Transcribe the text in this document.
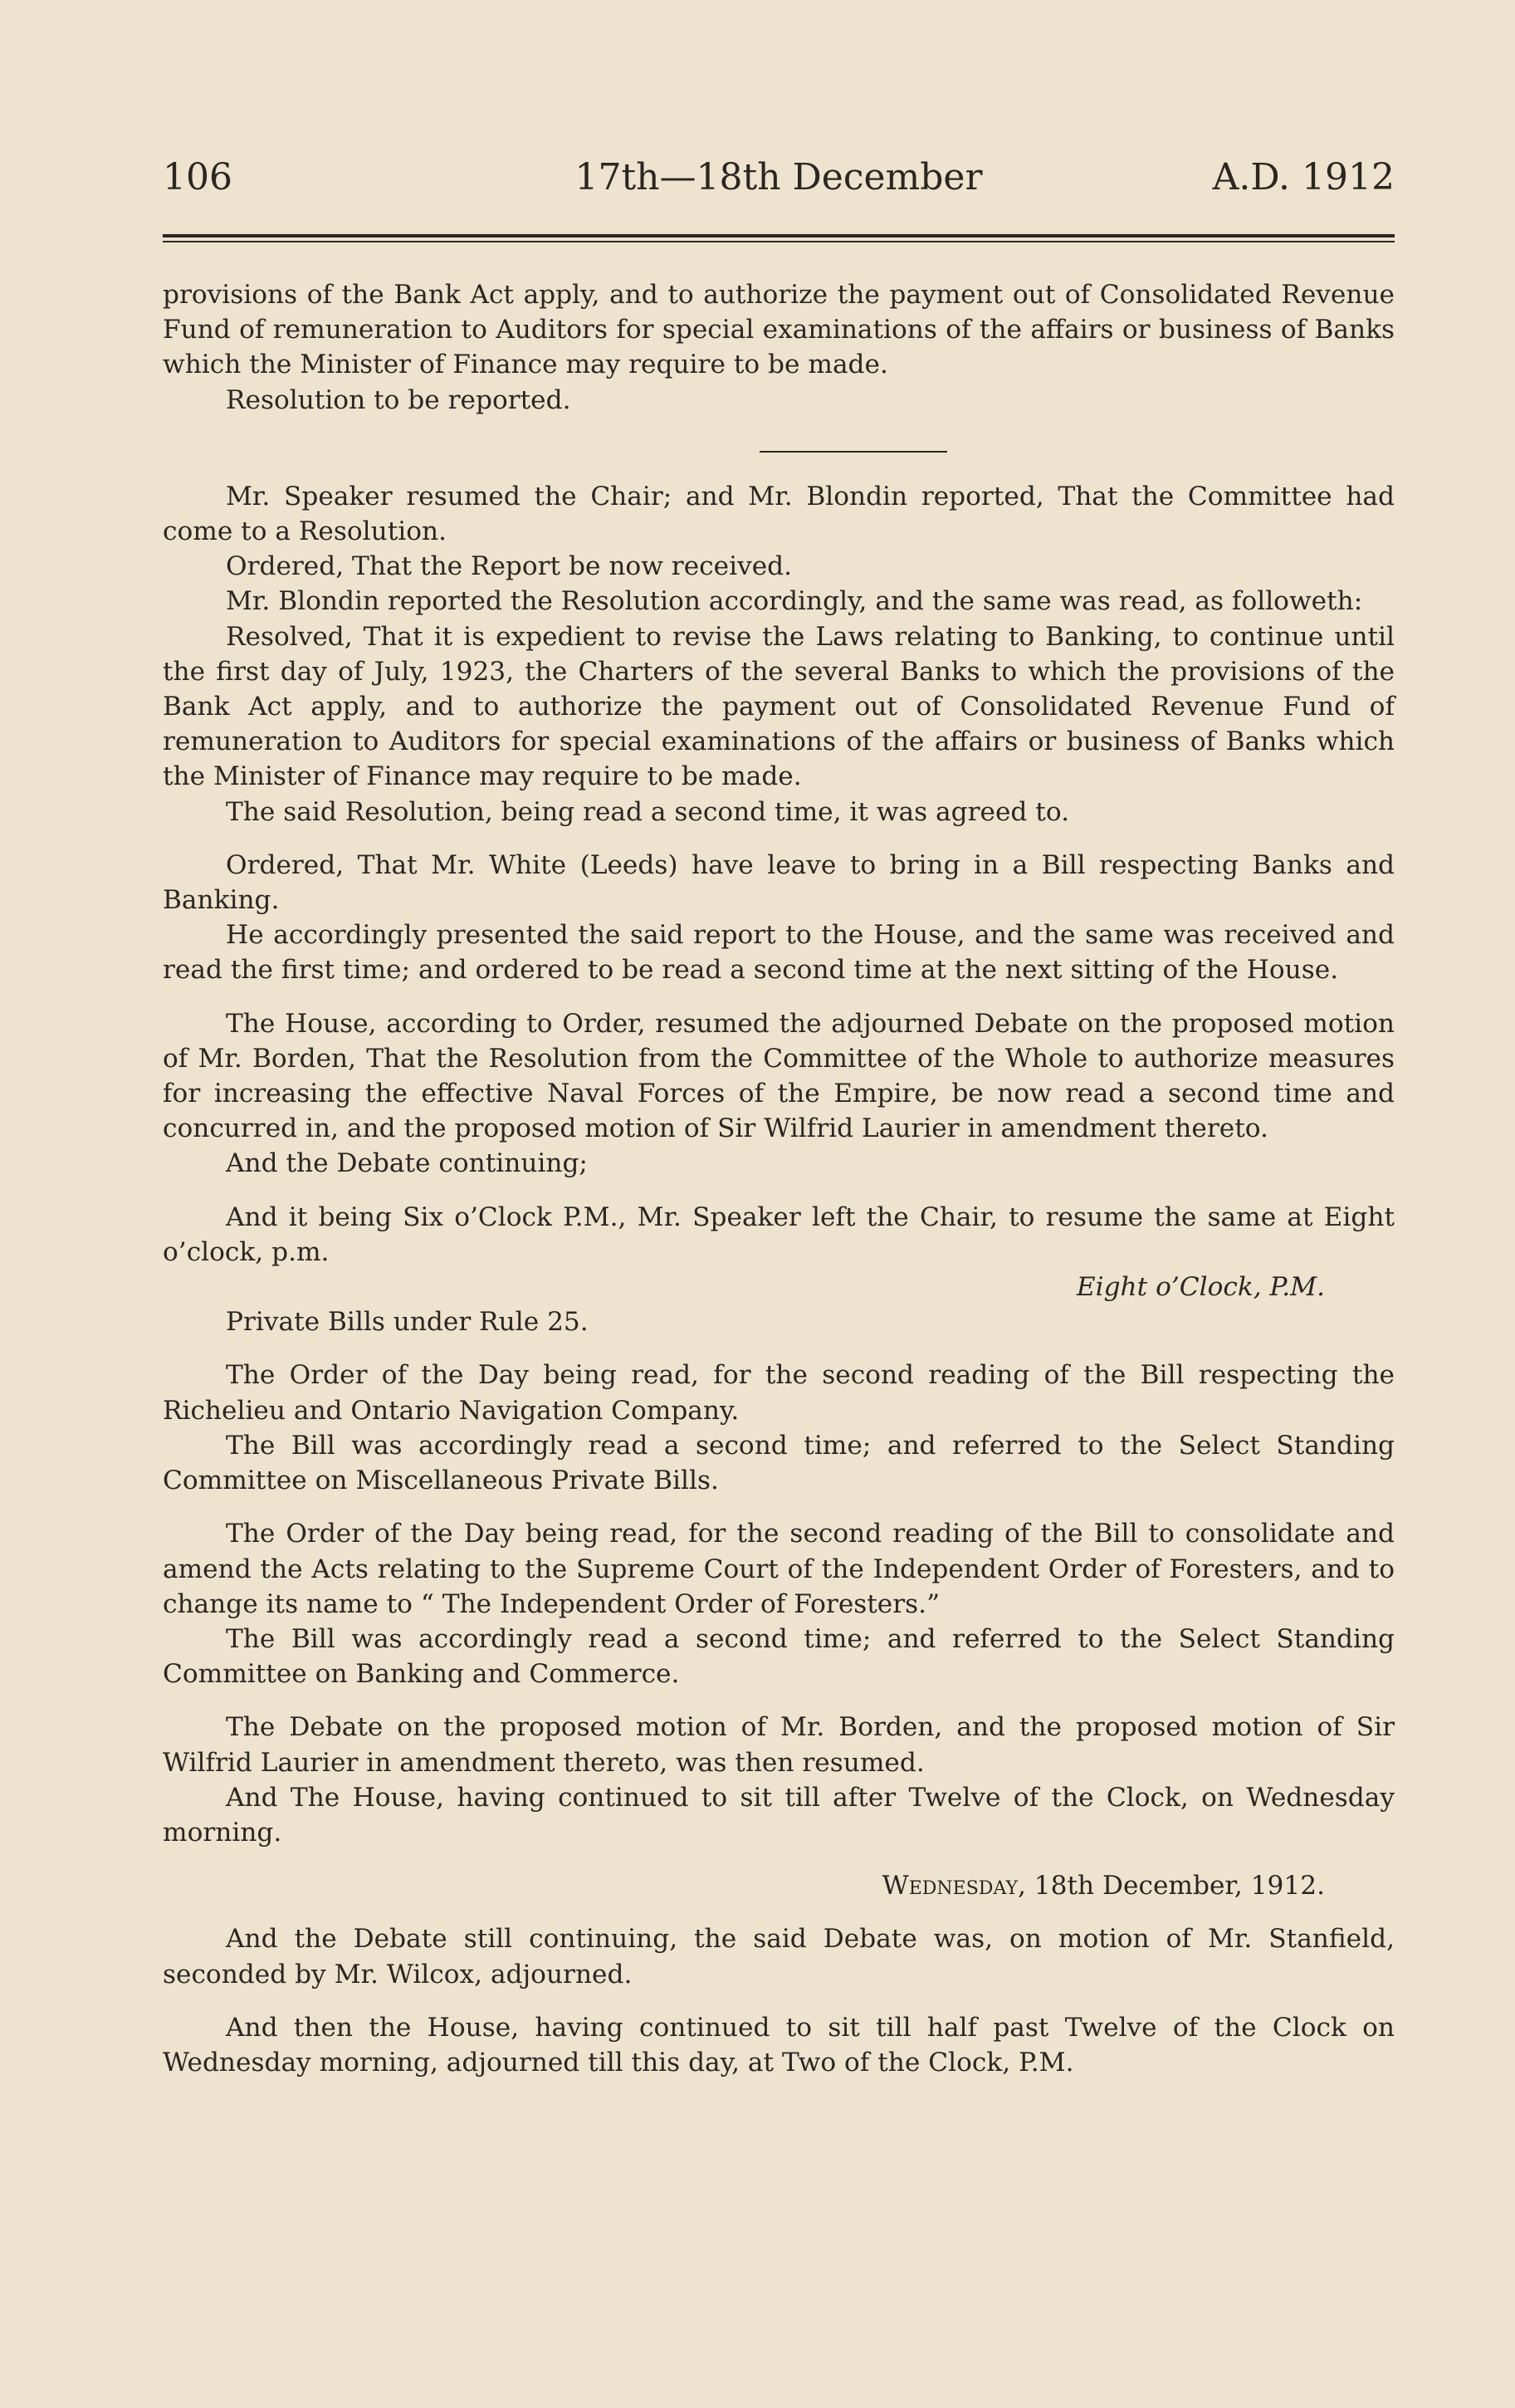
106	17th—18th December	A.D. 1912

provisions of the Bank Act apply, and to authorize the payment out of Consolidated Revenue Fund of remuneration to Auditors for special examinations of the affairs or business of Banks which the Minister of Finance may require to be made.

Resolution to be reported.

Mr. Speaker resumed the Chair; and Mr. Blondin reported, That the Committee had come to a Resolution.

Ordered, That the Report be now received.

Mr. Blondin reported the Resolution accordingly, and the same was read, as followeth:

Resolved, That it is expedient to revise the Laws relating to Banking, to continue until the first day of July, 1923, the Charters of the several Banks to which the provisions of the Bank Act apply, and to authorize the payment out of Consolidated Revenue Fund of remuneration to Auditors for special examinations of the affairs or business of Banks which the Minister of Finance may require to be made.

The said Resolution, being read a second time, it was agreed to.

Ordered, That Mr. White (Leeds) have leave to bring in a Bill respecting Banks and Banking.

He accordingly presented the said report to the House, and the same was received and read the first time; and ordered to be read a second time at the next sitting of the House.

The House, according to Order, resumed the adjourned Debate on the proposed motion of Mr. Borden, That the Resolution from the Committee of the Whole to authorize measures for increasing the effective Naval Forces of the Empire, be now read a second time and concurred in, and the proposed motion of Sir Wilfrid Laurier in amendment thereto.

And the Debate continuing;

And it being Six o’Clock P.M., Mr. Speaker left the Chair, to resume the same at Eight o’clock, p.m.

Eight o’Clock, P.M.

Private Bills under Rule 25.

The Order of the Day being read, for the second reading of the Bill respecting the Richelieu and Ontario Navigation Company.

The Bill was accordingly read a second time; and referred to the Select Standing Committee on Miscellaneous Private Bills.

The Order of the Day being read, for the second reading of the Bill to consolidate and amend the Acts relating to the Supreme Court of the Independent Order of Foresters, and to change its name to “ The Independent Order of Foresters.”

The Bill was accordingly read a second time; and referred to the Select Standing Committee on Banking and Commerce.

The Debate on the proposed motion of Mr. Borden, and the proposed motion of Sir Wilfrid Laurier in amendment thereto, was then resumed.

And The House, having continued to sit till after Twelve of the Clock, on Wednesday morning.

Wednesday, 18th December, 1912.

And the Debate still continuing, the said Debate was, on motion of Mr. Stanfield, seconded by Mr. Wilcox, adjourned.

And then the House, having continued to sit till half past Twelve of the Clock on Wednesday morning, adjourned till this day, at Two of the Clock, P.M.
